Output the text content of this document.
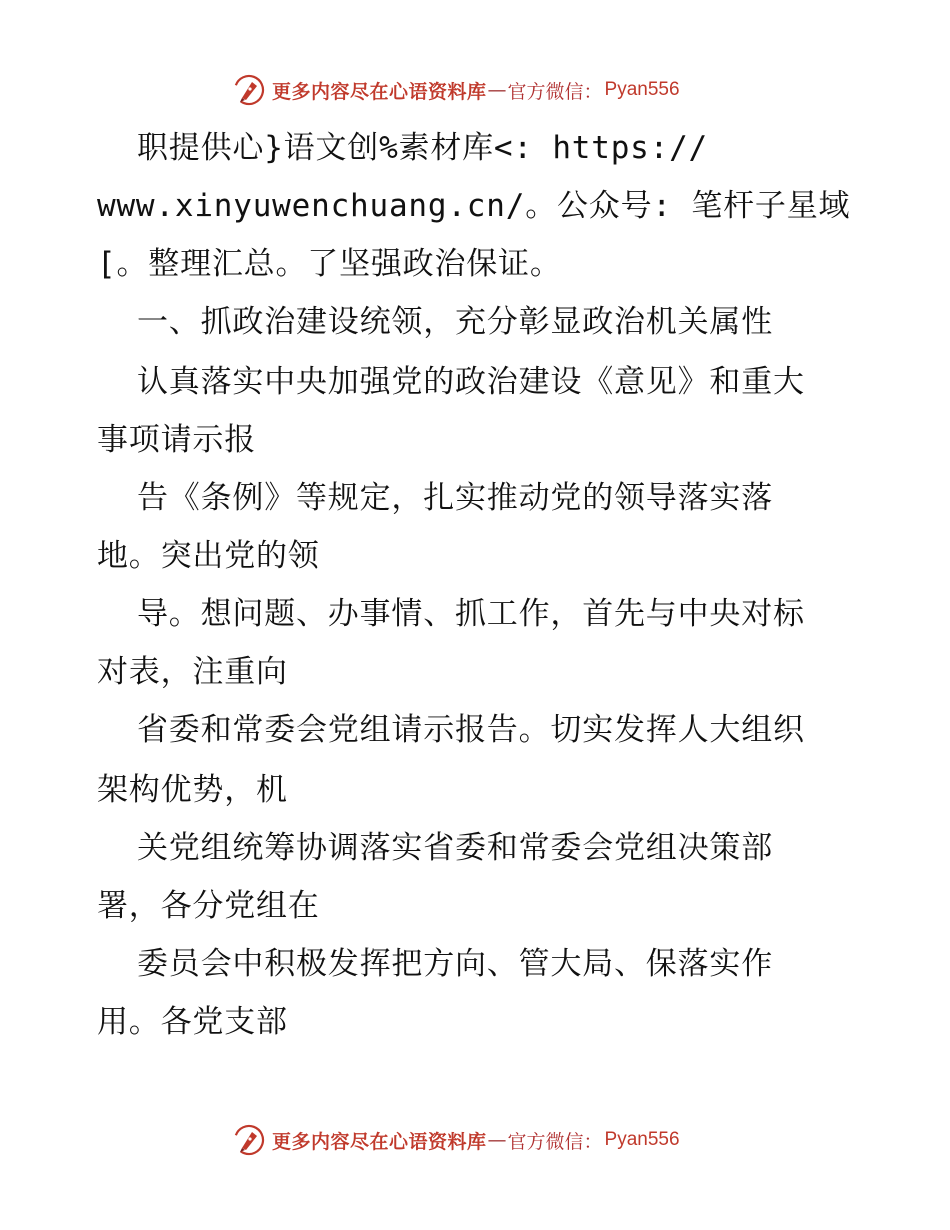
更多内容尽在心语资料库 — 官方微信： Pyan556
职提供心}语文创%素材库<: https://
www.xinyuwenchuang.cn/。公众号: 笔杆子星域
[。整理汇总。了坚强政治保证。
一、抓政治建设统领，充分彰显政治机关属性
认真落实中央加强党的政治建设《意见》和重大
事项请示报
告《条例》等规定，扎实推动党的领导落实落
地。突出党的领
导。想问题、办事情、抓工作，首先与中央对标
对表，注重向
省委和常委会党组请示报告。切实发挥人大组织
架构优势，机
关党组统筹协调落实省委和常委会党组决策部
署，各分党组在
委员会中积极发挥把方向、管大局、保落实作
用。各党支部
更多内容尽在心语资料库 — 官方微信： Pyan556
